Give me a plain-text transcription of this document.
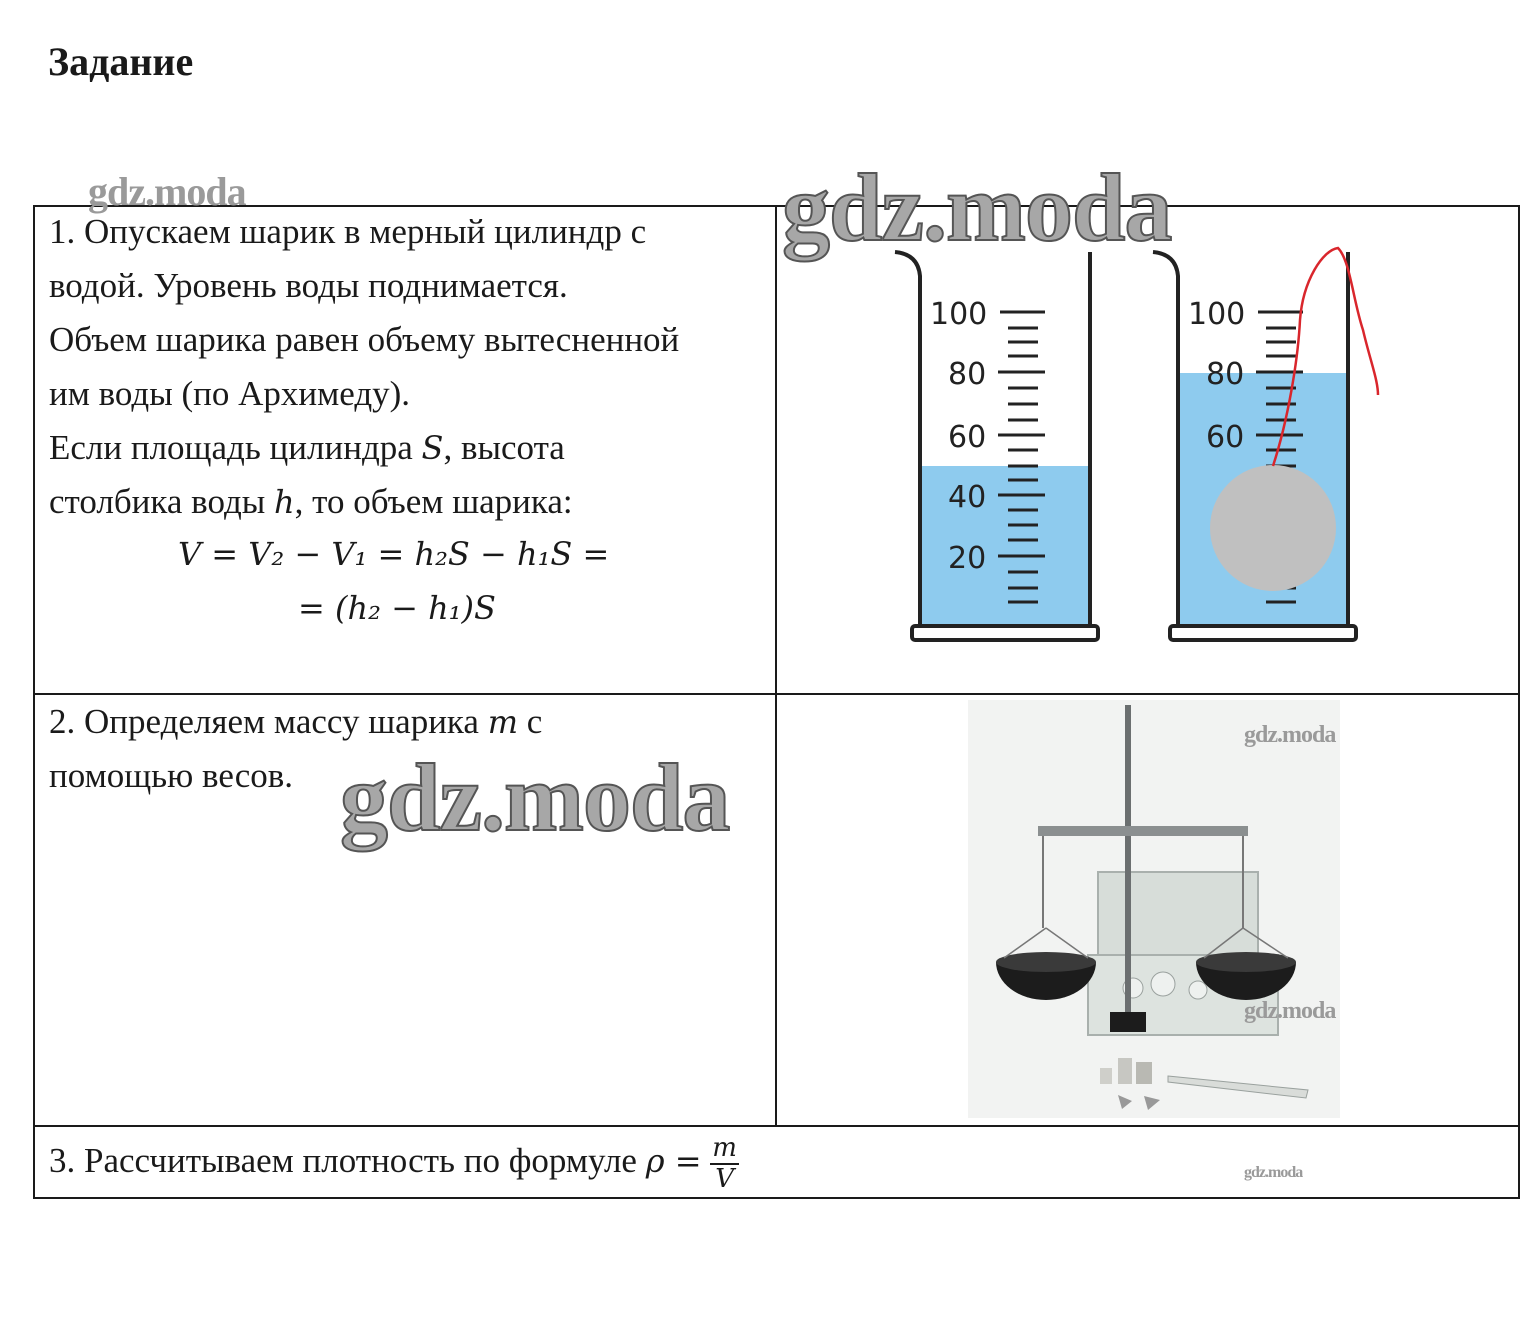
Задание

1. Опускаем шарик в мерный цилиндр с

водой. Уровень воды поднимается.

Объем шарика равен объему вытесненной

им воды (по Архимеду).

Если площадь цилиндра S, высота

столбика воды h, то объем шарика:

V = V₂ − V₁ = h₂S − h₁S =
= (h₂ − h₁)S

2. Определяем массу шарика m с

помощью весов.

3. Рассчитываем плотность по формуле $\rho = \frac{m}{V}$
100
80
60
40
20
100
80
60
gdz.moda	gdz.moda
gdz.moda
gdz.moda
gdz.moda
gdz.moda
